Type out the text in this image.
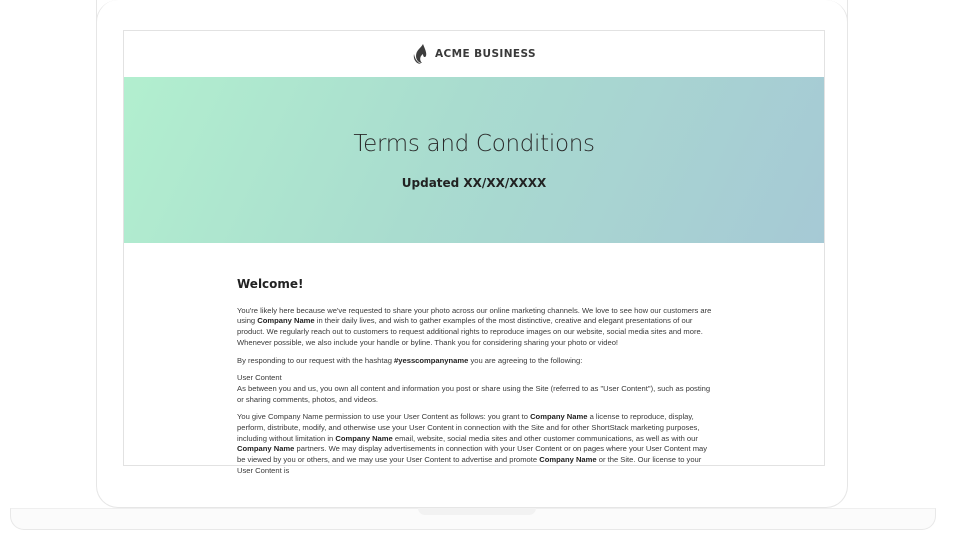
ACME BUSINESS
Terms and Conditions
Updated XX/XX/XXXX
Welcome!

You're likely here because we've requested to share your photo across our online marketing channels. We love to see how our customers are using Company Name in their daily lives, and wish to gather examples of the most distinctive, creative and elegant presentations of our product. We regularly reach out to customers to request additional rights to reproduce images on our website, social media sites and more. Whenever possible, we also include your handle or byline. Thank you for considering sharing your photo or video!

By responding to our request with the hashtag #yesscompanyname you are agreeing to the following:

User Content
As between you and us, you own all content and information you post or share using the Site (referred to as "User Content"), such as posting or sharing comments, photos, and videos.

You give Company Name permission to use your User Content as follows: you grant to Company Name a license to reproduce, display, perform, distribute, modify, and otherwise use your User Content in connection with the Site and for other ShortStack marketing purposes, including without limitation in Company Name email, website, social media sites and other customer communications, as well as with our Company Name partners. We may display advertisements in connection with your User Content or on pages where your User Content may be viewed by you or others, and we may use your User Content to advertise and promote Company Name or the Site. Our license to your User Content is
